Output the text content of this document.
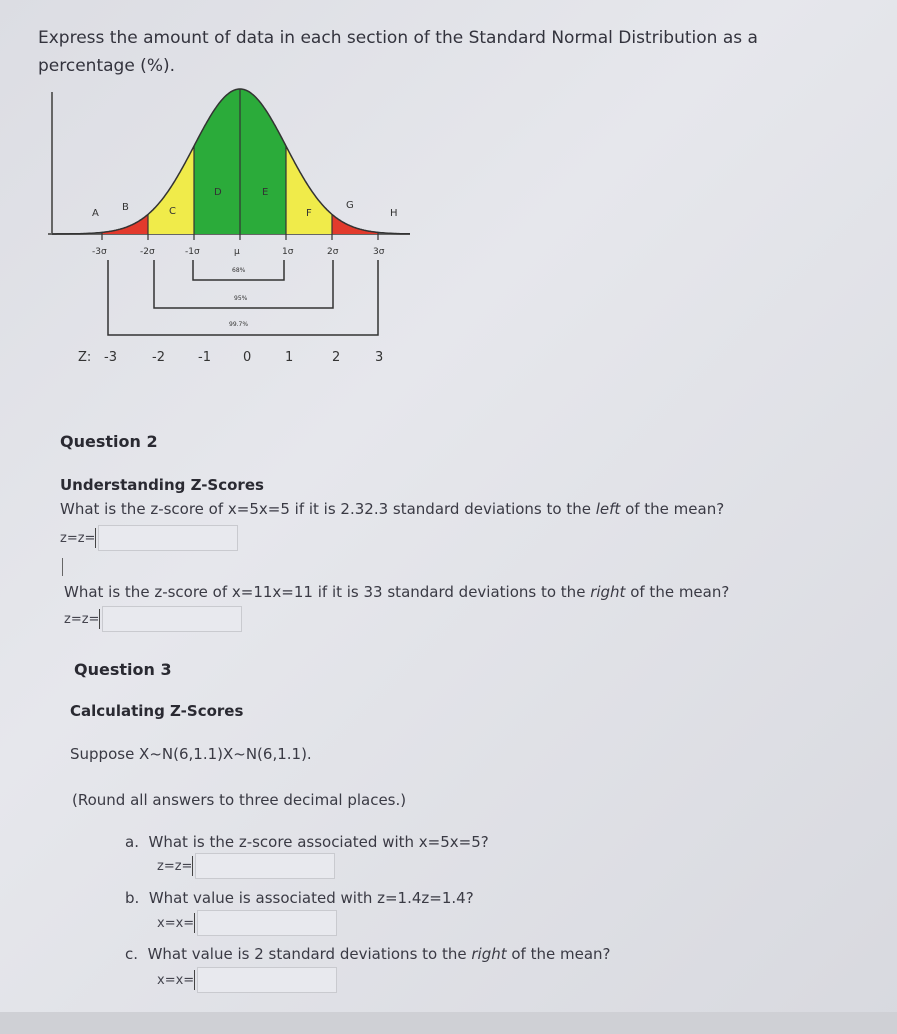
Express the amount of data in each section of the Standard Normal Distribution as a
percentage (%).
A
B	C
D	E
F
G
H
-3σ	-2σ	-1σ	μ	1σ	2σ	3σ
68%
95%
99.7%
Z: -3	-2	-1 0	1	2	3
Question 2
Understanding Z-Scores
What is the z-score of x=5x=5 if it is 2.32.3 standard deviations to the left of the mean?
z=z=
What is the z-score of x=11x=11 if it is 33 standard deviations to the right of the mean?
z=z=
Question 3
Calculating Z-Scores
Suppose X~N(6,1.1)X~N(6,1.1).
(Round all answers to three decimal places.)
a. What is the z-score associated with x=5x=5?
z=z=
b. What value is associated with z=1.4z=1.4?
x=x=
c. What value is 2 standard deviations to the right of the mean?
x=x=
